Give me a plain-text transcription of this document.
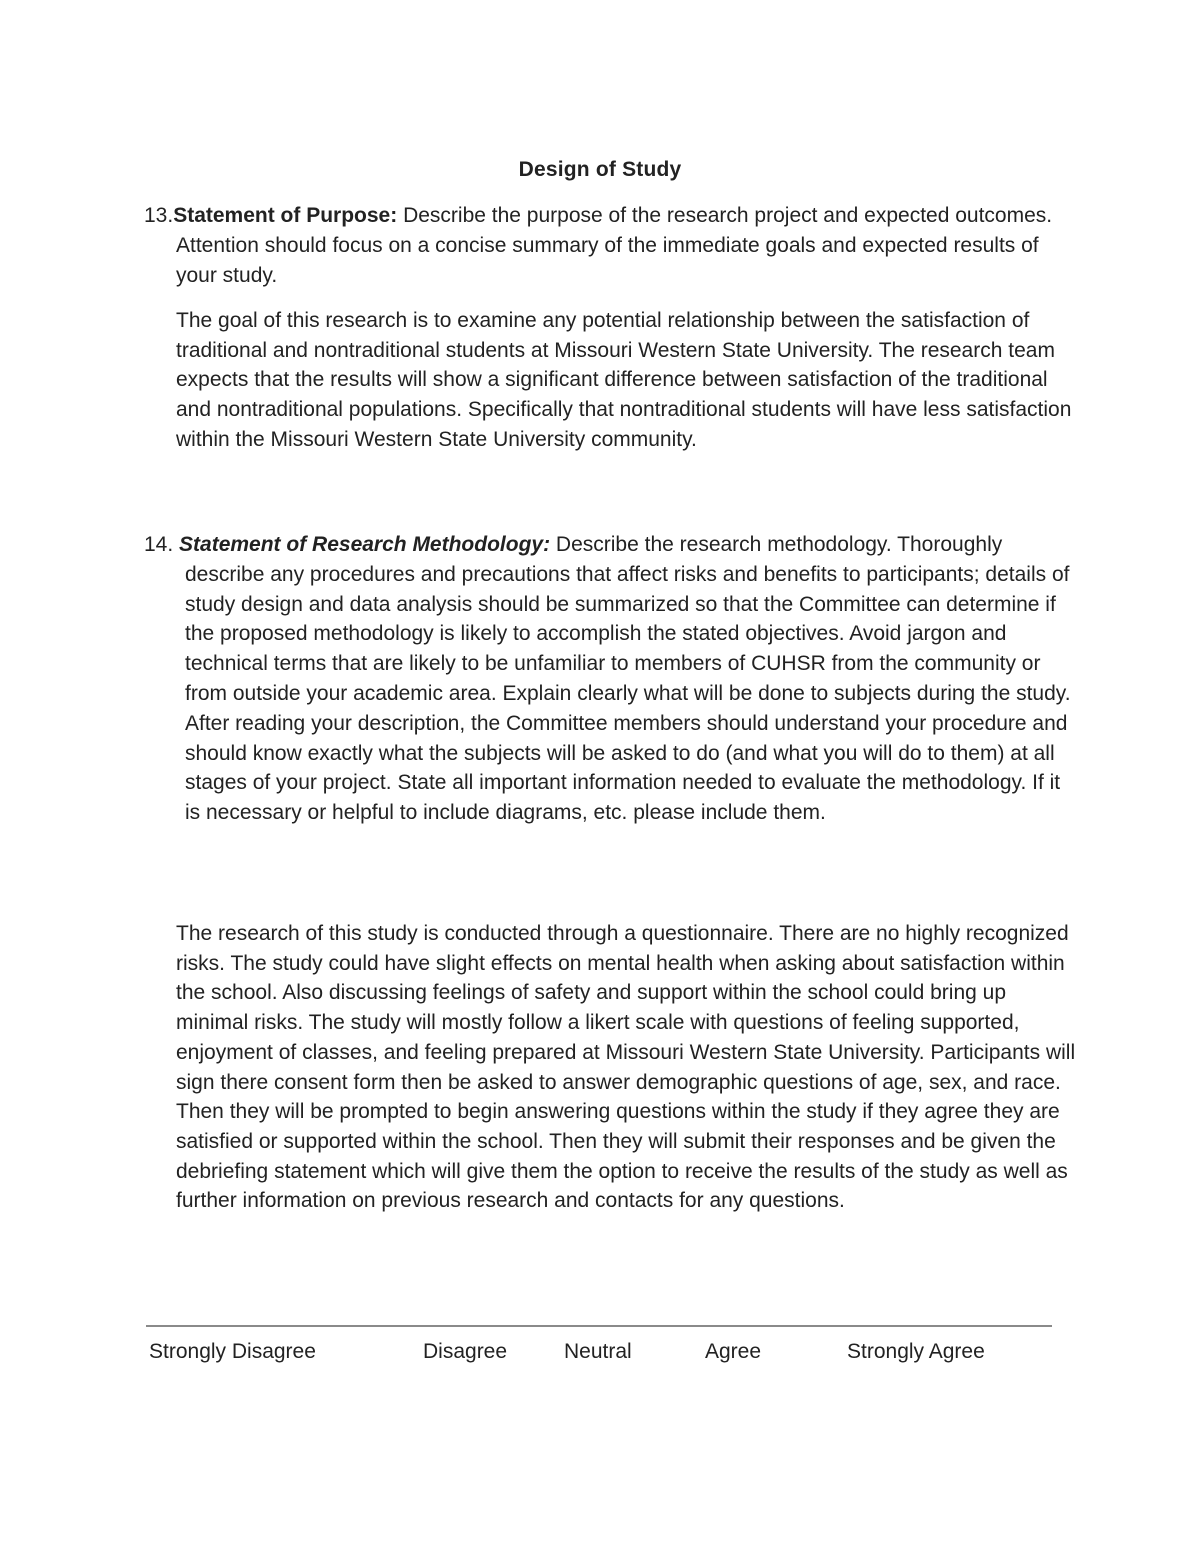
Design of Study
13.Statement of Purpose: Describe the purpose of the research project and expected outcomes. Attention should focus on a concise summary of the immediate goals and expected results of your study.

The goal of this research is to examine any potential relationship between the satisfaction of traditional and nontraditional students at Missouri Western State University. The research team expects that the results will show a significant difference between satisfaction of the traditional and nontraditional populations. Specifically that nontraditional students will have less satisfaction within the Missouri Western State University community.

14. Statement of Research Methodology: Describe the research methodology. Thoroughly describe any procedures and precautions that affect risks and benefits to participants; details of study design and data analysis should be summarized so that the Committee can determine if the proposed methodology is likely to accomplish the stated objectives. Avoid jargon and technical terms that are likely to be unfamiliar to members of CUHSR from the community or from outside your academic area. Explain clearly what will be done to subjects during the study. After reading your description, the Committee members should understand your procedure and should know exactly what the subjects will be asked to do (and what you will do to them) at all stages of your project. State all important information needed to evaluate the methodology. If it is necessary or helpful to include diagrams, etc. please include them.

The research of this study is conducted through a questionnaire. There are no highly recognized risks. The study could have slight effects on mental health when asking about satisfaction within the school. Also discussing feelings of safety and support within the school could bring up minimal risks. The study will mostly follow a likert scale with questions of feeling supported, enjoyment of classes, and feeling prepared at Missouri Western State University. Participants will sign there consent form then be asked to answer demographic questions of age, sex, and race. Then they will be prompted to begin answering questions within the study if they agree they are satisfied or supported within the school. Then they will submit their responses and be given the debriefing statement which will give them the option to receive the results of the study as well as further information on previous research and contacts for any questions.

Strongly Disagree	Disagree	Neutral	Agree	Strongly Agree
